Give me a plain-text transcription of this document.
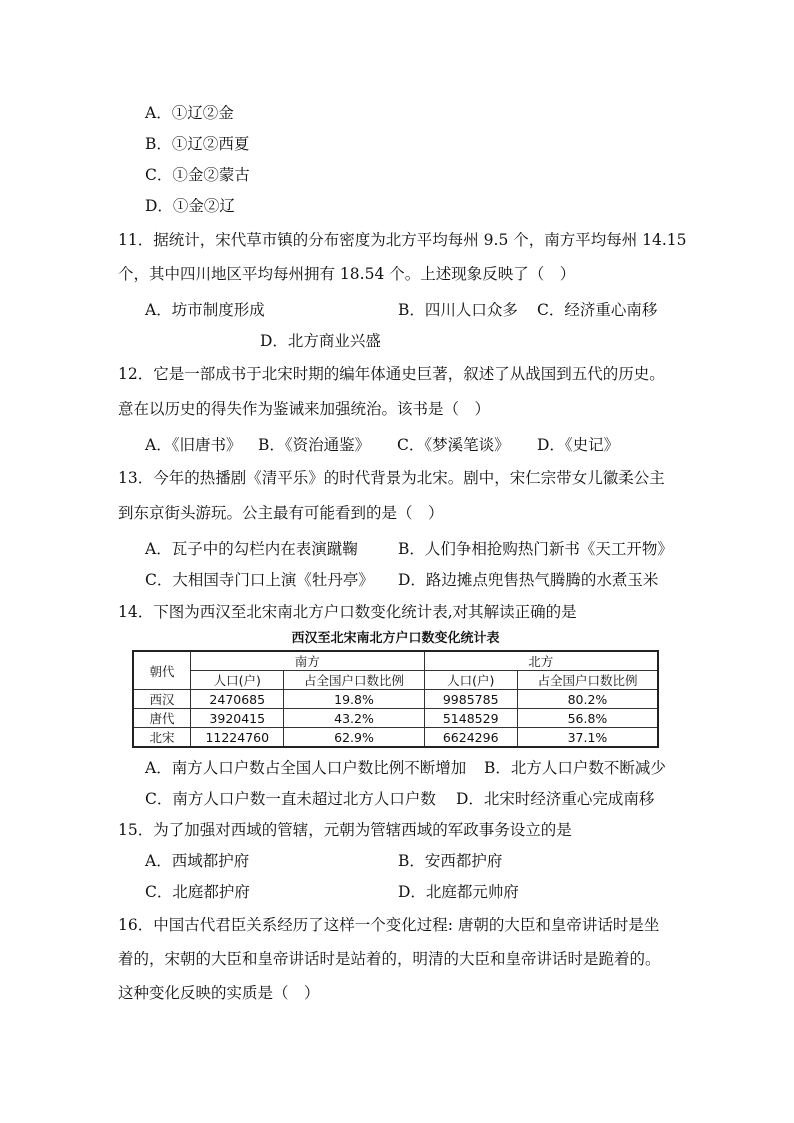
A．①辽②金
B．①辽②西夏
C．①金②蒙古
D．①金②辽
11．据统计，宋代草市镇的分布密度为北方平均每州 9.5 个，南方平均每州 14.15
个，其中四川地区平均每州拥有 18.54 个。上述现象反映了（　）
A．坊市制度形成	B．四川人口众多 C．经济重心南移
D．北方商业兴盛
12．它是一部成书于北宋时期的编年体通史巨著，叙述了从战国到五代的历史。
意在以历史的得失作为鉴诫来加强统治。该书是（　）
A．《旧唐书》 B．《资治通鉴》 C．《梦溪笔谈》 D．《史记》
13．今年的热播剧《清平乐》的时代背景为北宋。剧中，宋仁宗带女儿徽柔公主
到东京街头游玩。公主最有可能看到的是（　）
A．瓦子中的勾栏内在表演蹴鞠	B．人们争相抢购热门新书《天工开物》
C．大相国寺门口上演《牡丹亭》 D．路边摊点兜售热气腾腾的水煮玉米
14．下图为西汉至北宋南北方户口数变化统计表,对其解读正确的是
西汉至北宋南北方户口数变化统计表
朝代	南方		北方	
	人口(户)	占全国户口数比例	人口(户)	占全国户口数比例
西汉	2470685	19.8%	9985785	80.2%
唐代	3920415	43.2%	5148529	56.8%
北宋	11224760	62.9%	6624296	37.1%
A．南方人口户数占全国人口户数比例不断增加 B．北方人口户数不断减少
C．南方人口户数一直未超过北方人口户数 D．北宋时经济重心完成南移
15．为了加强对西域的管辖，元朝为管辖西域的军政事务设立的是
A．西域都护府	B．安西都护府
C．北庭都护府	D．北庭都元帅府
16．中国古代君臣关系经历了这样一个变化过程: 唐朝的大臣和皇帝讲话时是坐
着的，宋朝的大臣和皇帝讲话时是站着的，明清的大臣和皇帝讲话时是跪着的。
这种变化反映的实质是（　）
